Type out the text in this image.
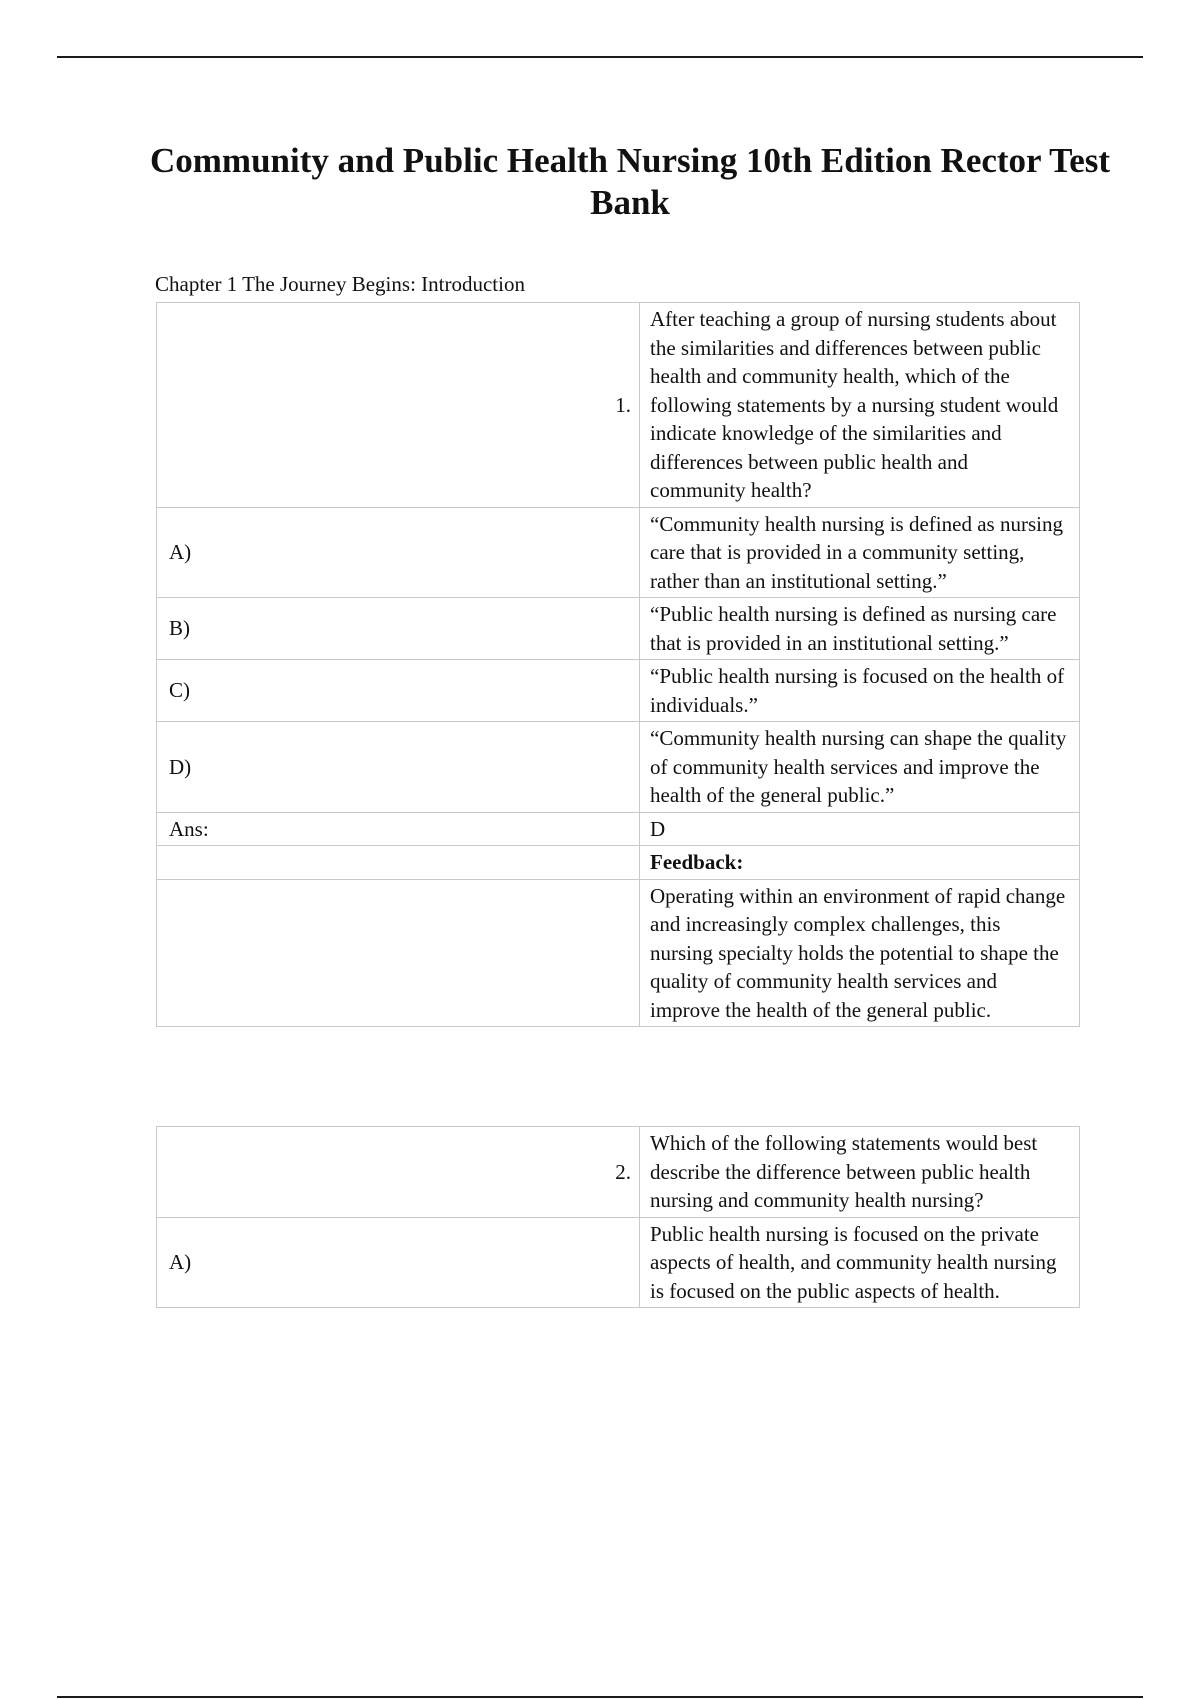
Community and Public Health Nursing 10th Edition Rector Test Bank
Chapter 1 The Journey Begins: Introduction
1.	After teaching a group of nursing students about the similarities and differences between public health and community health, which of the following statements by a nursing student would indicate knowledge of the similarities and differences between public health and community health?
A)	“Community health nursing is defined as nursing care that is provided in a community setting, rather than an institutional setting.”
B)	“Public health nursing is defined as nursing care that is provided in an institutional setting.”
C)	“Public health nursing is focused on the health of individuals.”
D)	“Community health nursing can shape the quality of community health services and improve the health of the general public.”
Ans:	D
	Feedback:
	Operating within an environment of rapid change and increasingly complex challenges, this nursing specialty holds the potential to shape the quality of community health services and improve the health of the general public.
2.	Which of the following statements would best describe the difference between public health nursing and community health nursing?
A)	Public health nursing is focused on the private aspects of health, and community health nursing is focused on the public aspects of health.
